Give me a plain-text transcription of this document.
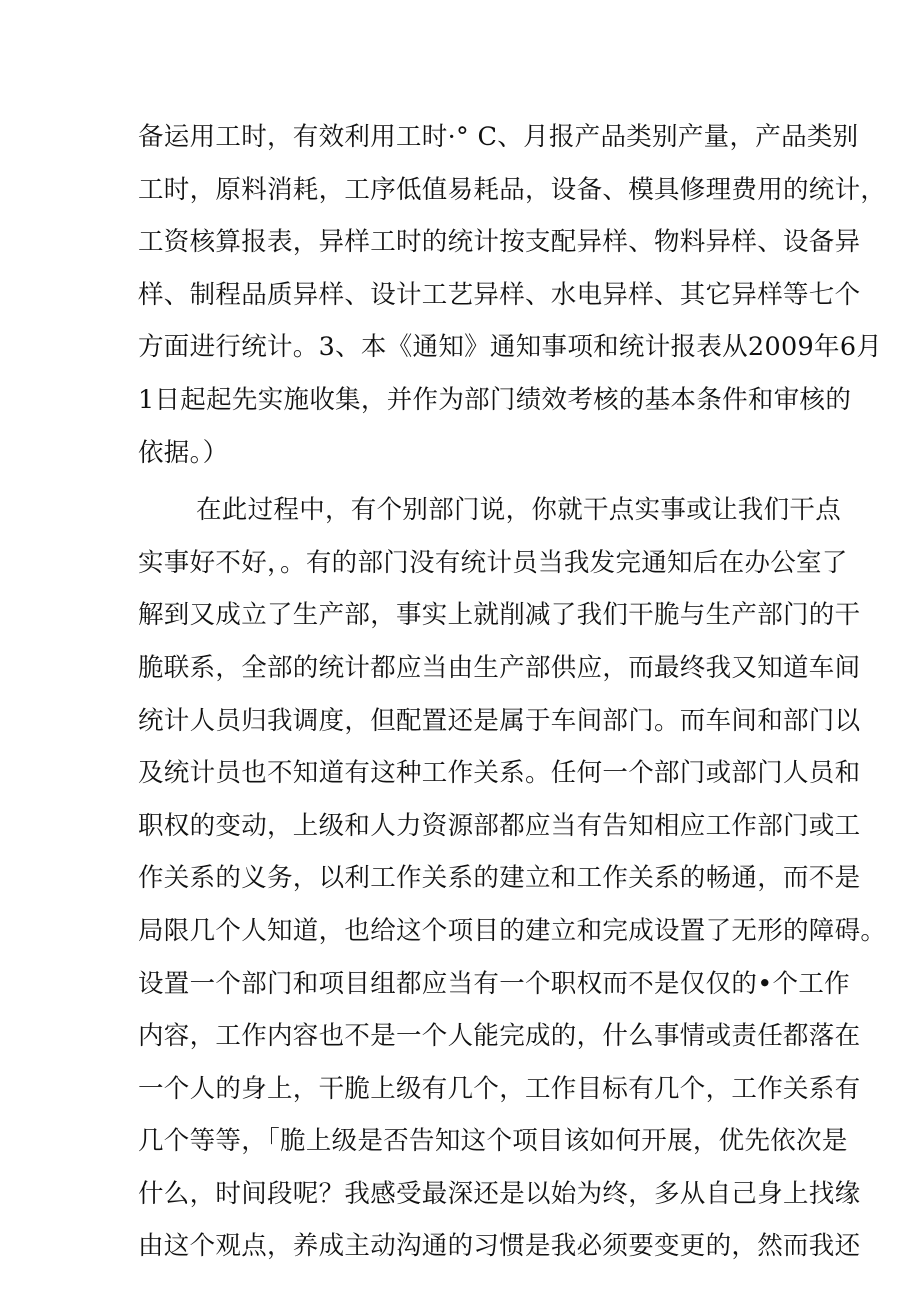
备运用工时，有效利用工时·° C、月报产品类别产量，产品类别
工时，原料消耗，工序低值易耗品，设备、模具修理费用的统计，
工资核算报表，异样工时的统计按支配异样、物料异样、设备异
样、制程品质异样、设计工艺异样、水电异样、其它异样等七个
方面进行统计。3、本《通知》通知事项和统计报表从2009年6月
1日起起先实施收集，并作为部门绩效考核的基本条件和审核的
依据。）
在此过程中，有个别部门说，你就干点实事或让我们干点
实事好不好，。有的部门没有统计员当我发完通知后在办公室了
解到又成立了生产部，事实上就削减了我们干脆与生产部门的干
脆联系，全部的统计都应当由生产部供应，而最终我又知道车间
统计人员归我调度，但配置还是属于车间部门。而车间和部门以
及统计员也不知道有这种工作关系。任何一个部门或部门人员和
职权的变动，上级和人力资源部都应当有告知相应工作部门或工
作关系的义务，以利工作关系的建立和工作关系的畅通，而不是
局限几个人知道，也给这个项目的建立和完成设置了无形的障碍。
设置一个部门和项目组都应当有一个职权而不是仅仅的•个工作
内容，工作内容也不是一个人能完成的，什么事情或责任都落在
一个人的身上，干脆上级有几个，工作目标有几个，工作关系有
几个等等，「脆上级是否告知这个项目该如何开展，优先依次是
什么，时间段呢？我感受最深还是以始为终，多从自己身上找缘
由这个观点，养成主动沟通的习惯是我必须要变更的，然而我还
